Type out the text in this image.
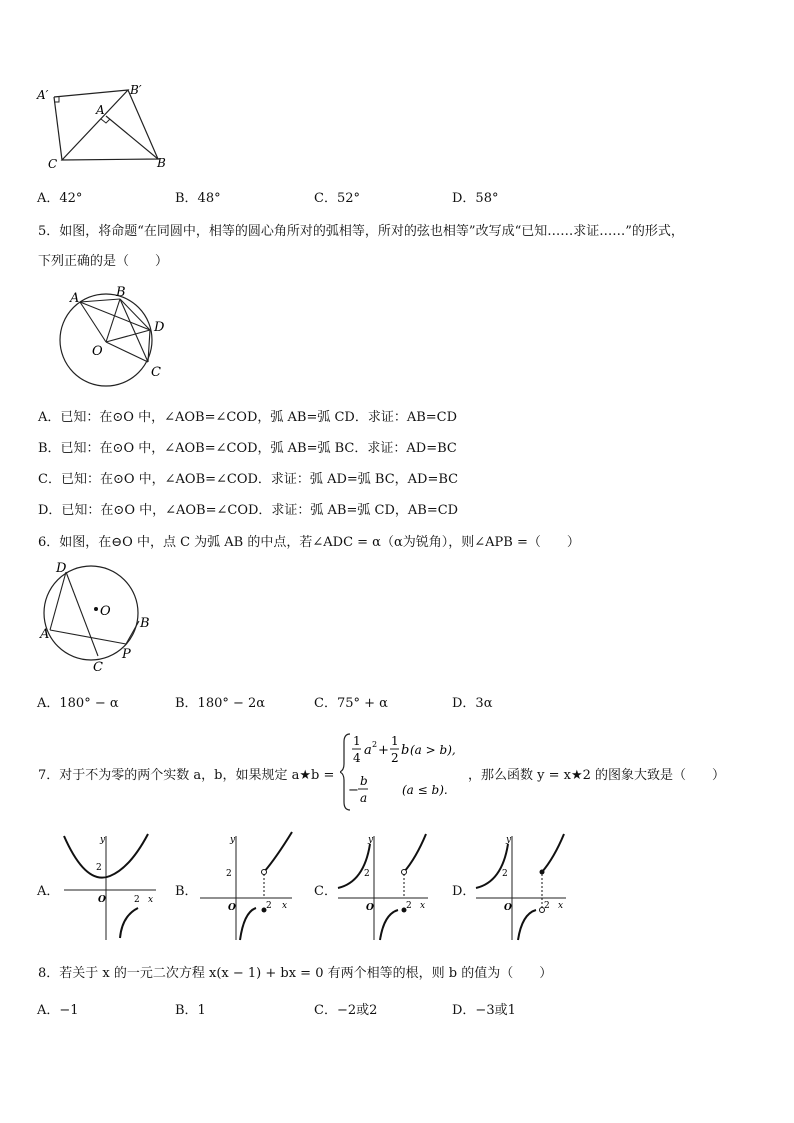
A′	B′
A
C	B
A．42°	B．48°	C．52°	D．58°
5．如图，将命题“在同圆中，相等的圆心角所对的弧相等，所对的弦也相等”改写成“已知……求证……”的形式，
下列正确的是（　　）
A	B
D
O
C
A．已知：在⊙O 中，∠AOB=∠COD，弧 AB=弧 CD．求证：AB=CD
B．已知：在⊙O 中，∠AOB=∠COD，弧 AB=弧 BC．求证：AD=BC
C．已知：在⊙O 中，∠AOB=∠COD．求证：弧 AD=弧 BC，AD=BC
D．已知：在⊙O 中，∠AOB=∠COD．求证：弧 AB=弧 CD，AB=CD
6．如图，在⊖O 中，点 C 为弧 AB 的中点，若∠ADC = α（α为锐角），则∠APB =（　　）
D
O
A
C
P
B
A．180° − α	B．180° − 2α	C．75° + α	D．3α
7．对于不为零的两个实数 a，b，如果规定 a★b =
1
4 a 2 +
1
2 b (a > b),
−
b
a
(a ≤ b).
，那么函数 y = x★2 的图象大致是（　　）
A．
y
2
O	2 x
B．
y
2
O	2 x
C．
y
2
O	2 x
D．
y
2
O	2 x
8．若关于 x 的一元二次方程 x(x − 1) + bx = 0 有两个相等的根，则 b 的值为（　　）
A．−1	B．1	C．−2或2	D．−3或1
